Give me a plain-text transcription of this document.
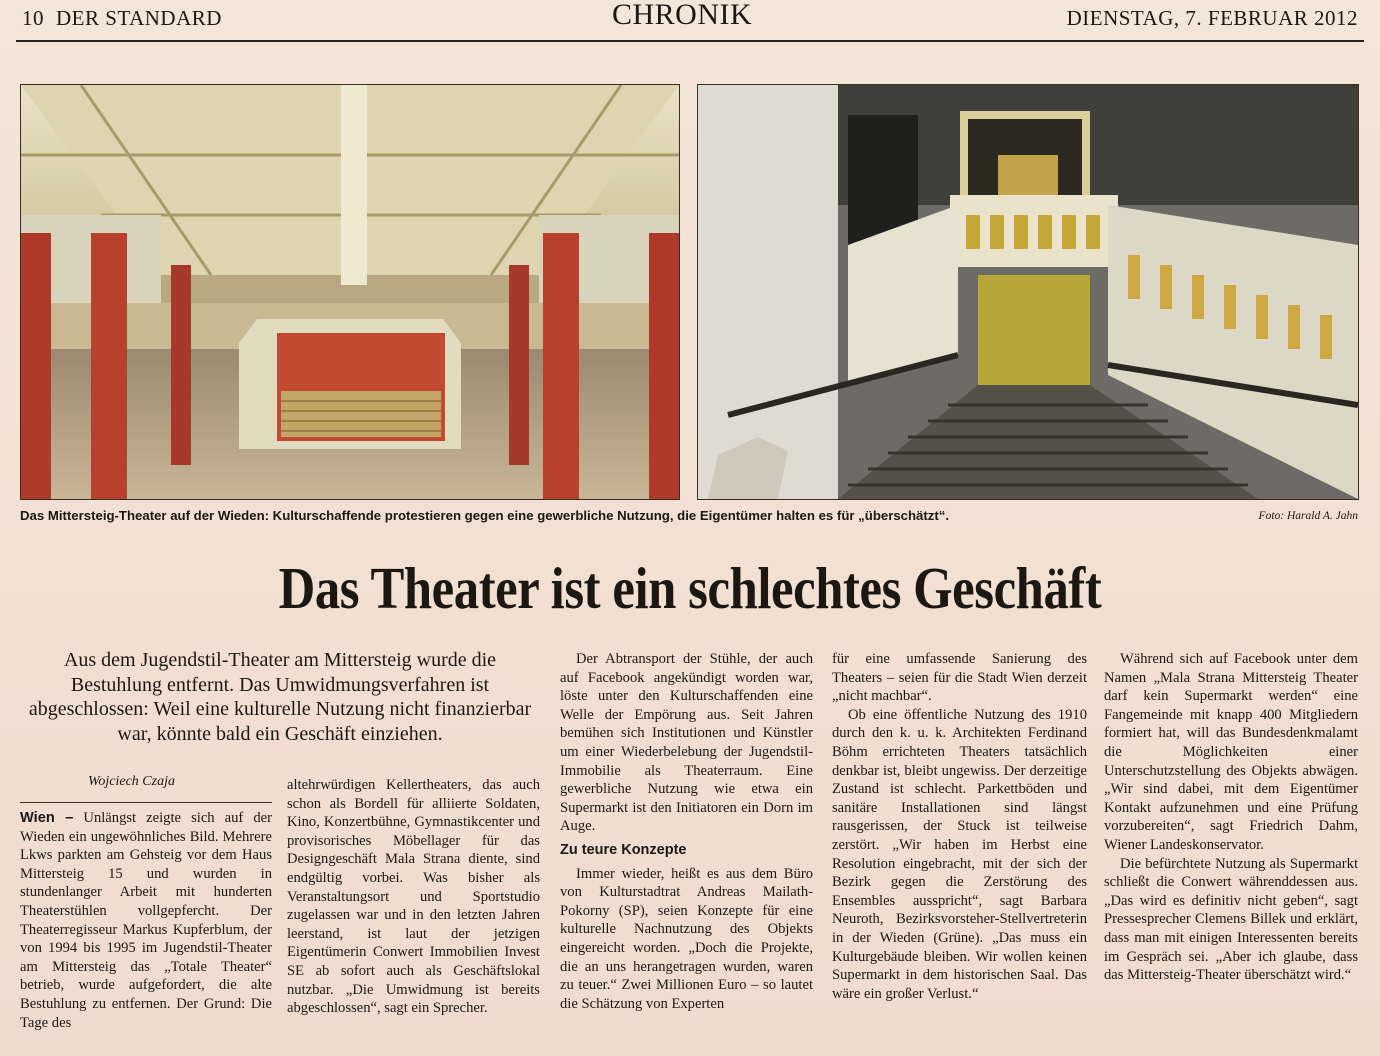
10 DER STANDARD	CHRONIK	DIENSTAG, 7. FEBRUAR 2012
Das Mittersteig-Theater auf der Wieden: Kulturschaffende protestieren gegen eine gewerbliche Nutzung, die Eigentümer halten es für „überschätzt“.	Foto: Harald A. Jahn
Das Theater ist ein schlechtes Geschäft
Aus dem Jugendstil-Theater am Mittersteig wurde die Bestuhlung entfernt. Das Umwidmungsverfahren ist abgeschlossen: Weil eine kulturelle Nutzung nicht finanzierbar war, könnte bald ein Geschäft einziehen.
Wojciech Czaja

Wien – Unlängst zeigte sich auf der Wieden ein ungewöhnliches Bild. Mehrere Lkws parkten am Gehsteig vor dem Haus Mittersteig 15 und wurden in stundenlanger Arbeit mit hunderten Theaterstühlen vollgepfercht. Der Theaterregisseur Markus Kupferblum, der von 1994 bis 1995 im Jugendstil-Theater am Mittersteig das „Totale Theater“ betrieb, wurde aufgefordert, die alte Bestuhlung zu entfernen. Der Grund: Die Tage des

altehrwürdigen Kellertheaters, das auch schon als Bordell für alliierte Soldaten, Kino, Konzertbühne, Gymnastikcenter und provisorisches Möbellager für das Designgeschäft Mala Strana diente, sind endgültig vorbei. Was bisher als Veranstaltungsort und Sportstudio zugelassen war und in den letzten Jahren leerstand, ist laut der jetzigen Eigentümerin Conwert Immobilien Invest SE ab sofort auch als Geschäftslokal nutzbar. „Die Umwidmung ist bereits abgeschlossen“, sagt ein Sprecher.

Der Abtransport der Stühle, der auch auf Facebook angekündigt worden war, löste unter den Kulturschaffenden eine Welle der Empörung aus. Seit Jahren bemühen sich Institutionen und Künstler um einer Wiederbelebung der Jugendstil-Immobilie als Theaterraum. Eine gewerbliche Nutzung wie etwa ein Supermarkt ist den Initiatoren ein Dorn im Auge.

Zu teure Konzepte

Immer wieder, heißt es aus dem Büro von Kulturstadtrat Andreas Mailath-Pokorny (SP), seien Konzepte für eine kulturelle Nachnutzung des Objekts eingereicht worden. „Doch die Projekte, die an uns herangetragen wurden, waren zu teuer.“ Zwei Millionen Euro – so lautet die Schätzung von Experten

für eine umfassende Sanierung des Theaters – seien für die Stadt Wien derzeit „nicht machbar“.

Ob eine öffentliche Nutzung des 1910 durch den k. u. k. Architekten Ferdinand Böhm errichteten Theaters tatsächlich denkbar ist, bleibt ungewiss. Der derzeitige Zustand ist schlecht. Parkettböden und sanitäre Installationen sind längst rausgerissen, der Stuck ist teilweise zerstört. „Wir haben im Herbst eine Resolution eingebracht, mit der sich der Bezirk gegen die Zerstörung des Ensembles ausspricht“, sagt Barbara Neuroth, Bezirksvorsteher-Stellvertreterin in der Wieden (Grüne). „Das muss ein Kulturgebäude bleiben. Wir wollen keinen Supermarkt in dem historischen Saal. Das wäre ein großer Verlust.“

Während sich auf Facebook unter dem Namen „Mala Strana Mittersteig Theater darf kein Supermarkt werden“ eine Fangemeinde mit knapp 400 Mitgliedern formiert hat, will das Bundesdenkmalamt die Möglichkeiten einer Unterschutzstellung des Objekts abwägen. „Wir sind dabei, mit dem Eigentümer Kontakt aufzunehmen und eine Prüfung vorzubereiten“, sagt Friedrich Dahm, Wiener Landeskonservator.

Die befürchtete Nutzung als Supermarkt schließt die Conwert währenddessen aus. „Das wird es definitiv nicht geben“, sagt Pressesprecher Clemens Billek und erklärt, dass man mit einigen Interessenten bereits im Gespräch sei. „Aber ich glaube, dass das Mittersteig-Theater überschätzt wird.“
